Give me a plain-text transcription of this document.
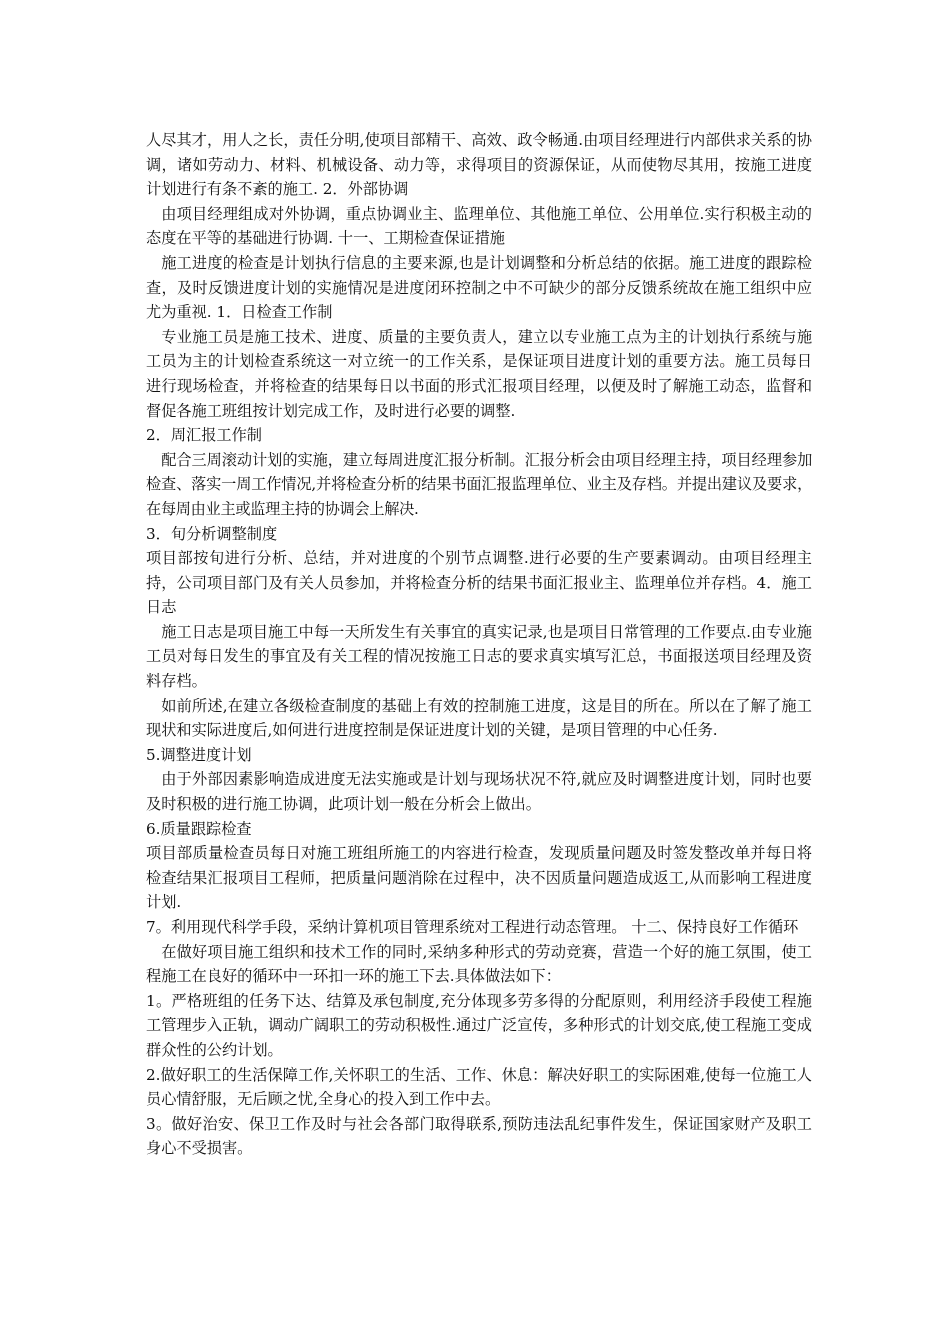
人尽其才，用人之长，责任分明,使项目部精干、高效、政令畅通.由项目经理进行内部供求关系的协调，诸如劳动力、材料、机械设备、动力等，求得项目的资源保证，从而使物尽其用，按施工进度计划进行有条不紊的施工. 2．外部协调

由项目经理组成对外协调，重点协调业主、监理单位、其他施工单位、公用单位.实行积极主动的态度在平等的基础进行协调. 十一、工期检查保证措施

施工进度的检查是计划执行信息的主要来源,也是计划调整和分析总结的依据。施工进度的跟踪检查，及时反馈进度计划的实施情况是进度闭环控制之中不可缺少的部分反馈系统故在施工组织中应尤为重视. 1．日检查工作制

专业施工员是施工技术、进度、质量的主要负责人，建立以专业施工点为主的计划执行系统与施工员为主的计划检查系统这一对立统一的工作关系，是保证项目进度计划的重要方法。施工员每日进行现场检查，并将检查的结果每日以书面的形式汇报项目经理，以便及时了解施工动态，监督和督促各施工班组按计划完成工作，及时进行必要的调整.

2．周汇报工作制

配合三周滚动计划的实施，建立每周进度汇报分析制。汇报分析会由项目经理主持，项目经理参加检查、落实一周工作情况,并将检查分析的结果书面汇报监理单位、业主及存档。并提出建议及要求，在每周由业主或监理主持的协调会上解决.

3．旬分析调整制度

项目部按旬进行分析、总结，并对进度的个别节点调整.进行必要的生产要素调动。由项目经理主持，公司项目部门及有关人员参加，并将检查分析的结果书面汇报业主、监理单位并存档。4．施工日志

施工日志是项目施工中每一天所发生有关事宜的真实记录,也是项目日常管理的工作要点.由专业施工员对每日发生的事宜及有关工程的情况按施工日志的要求真实填写汇总，书面报送项目经理及资料存档。

如前所述,在建立各级检查制度的基础上有效的控制施工进度，这是目的所在。所以在了解了施工现状和实际进度后,如何进行进度控制是保证进度计划的关键，是项目管理的中心任务.

5.调整进度计划

由于外部因素影响造成进度无法实施或是计划与现场状况不符,就应及时调整进度计划，同时也要及时积极的进行施工协调，此项计划一般在分析会上做出。

6.质量跟踪检查

项目部质量检查员每日对施工班组所施工的内容进行检查，发现质量问题及时签发整改单并每日将检查结果汇报项目工程师，把质量问题消除在过程中，决不因质量问题造成返工,从而影响工程进度计划.

7。利用现代科学手段，采纳计算机项目管理系统对工程进行动态管理。 十二、保持良好工作循环

在做好项目施工组织和技术工作的同时,采纳多种形式的劳动竞赛，营造一个好的施工氛围，使工程施工在良好的循环中一环扣一环的施工下去.具体做法如下：

1。严格班组的任务下达、结算及承包制度,充分体现多劳多得的分配原则，利用经济手段使工程施工管理步入正轨，调动广阔职工的劳动积极性.通过广泛宣传，多种形式的计划交底,使工程施工变成群众性的公约计划。

2.做好职工的生活保障工作,关怀职工的生活、工作、休息：解决好职工的实际困难,使每一位施工人员心情舒服，无后顾之忧,全身心的投入到工作中去。

3。做好治安、保卫工作及时与社会各部门取得联系,预防违法乱纪事件发生，保证国家财产及职工身心不受损害。
